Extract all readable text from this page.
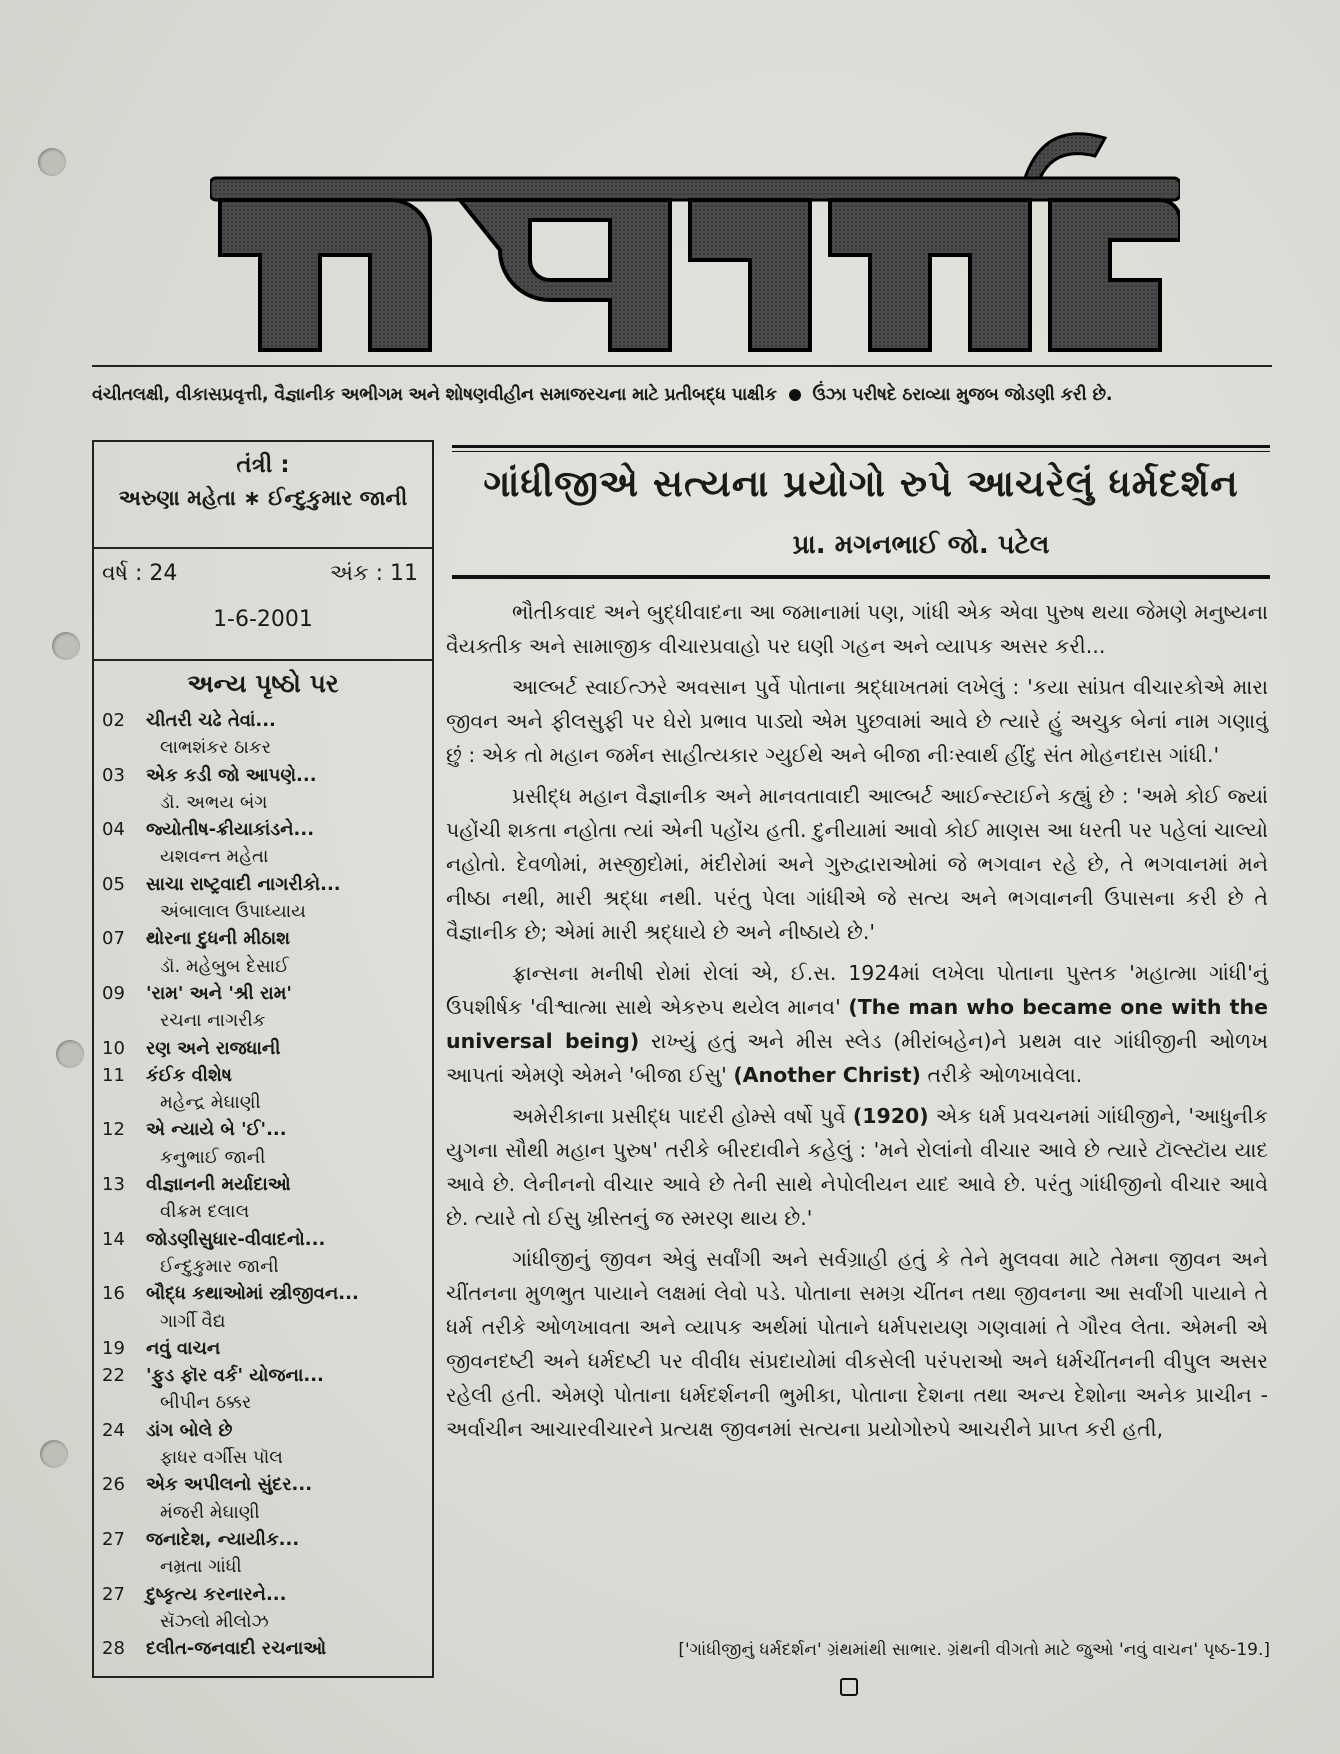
વંચીતલક્ષી, વીકાસપ્રવૃત્તી, વૈજ્ઞાનીક અભીગમ અને શોષણવીહીન સમાજરચના માટે પ્રતીબદ્ધ પાક્ષીક ઉંઝા પરીષદે ઠરાવ્યા મુજબ જોડણી કરી છે.
તંત્રી :
અરુણા મહેતા ∗ ઈન્દુકુમાર જાની
વર્ષ : 24	અંક : 11
1-6-2001
અન્ય પૃષ્ઠો પર
02 ચીતરી ચઢે તેવાં...
લાભશંકર ઠાકર
03 એક કડી જો આપણે...
ડૉ. અભય બંગ
04 જ્યોતીષ-ક્રીયાકાંડને...
યશવન્ત મહેતા
05 સાચા રાષ્ટ્રવાદી નાગરીકો...
અંબાલાલ ઉપાધ્યાય
07 થોરના દુધની મીઠાશ
ડૉ. મહેબુબ દેસાઈ
09 'રામ' અને 'શ્રી રામ'
રચના નાગરીક
10 રણ અને રાજધાની
11 કંઈક વીશેષ
મહેન્દ્ર મેઘાણી
12 એ ન્યાયે બે 'ઈ'...
કનુભાઈ જાની
13 વીજ્ઞાનની મર્યાદાઓ
વીક્રમ દલાલ
14 જોડણીસુધાર-વીવાદનો...
ઈન્દુકુમાર જાની
16 બૌદ્ધ કથાઓમાં સ્ત્રીજીવન...
ગાર્ગી વૈદ્ય
19 નવું વાચન
22 'ફુડ ફૉર વર્ક' યોજના...
બીપીન ઠક્કર
24 ડાંગ બોલે છે
ફાધર વર્ગીસ પૉલ
26 એક અપીલનો સુંદર...
મંજરી મેઘાણી
27 જનાદેશ, ન્યાયીક...
નમ્રતા ગાંધી
27 દુષ્કૃત્ય કરનારને...
સૅઝ્લો મીલોઝ
28 દલીત-જનવાદી રચનાઓ
ગાંધીજીએ સત્યના પ્રયોગો રુપે આચરેલું ધર્મદર્શન
પ્રા. મગનભાઈ જો. પટેલ

ભૌતીકવાદ અને બુદ્ધીવાદના આ જમાનામાં પણ, ગાંધી એક એવા પુરુષ થયા જેમણે મનુષ્યના વૈયક્તીક અને સામાજીક વીચારપ્રવાહો પર ઘણી ગહન અને વ્યાપક અસર કરી...

આલ્બર્ટ સ્વાઈત્ઝરે અવસાન પુર્વે પોતાના શ્રદ્ધાખતમાં લખેલું : 'કયા સાંપ્રત વીચારકોએ મારા જીવન અને ફીલસુફી પર ઘેરો પ્રભાવ પાડ્યો એમ પુછવામાં આવે છે ત્યારે હું અચુક બેનાં નામ ગણાવું છું : એક તો મહાન જર્મન સાહીત્યકાર ગ્યુઈથે અને બીજા નીઃસ્વાર્થ હીંદુ સંત મોહનદાસ ગાંધી.'

પ્રસીદ્ધ મહાન વૈજ્ઞાનીક અને માનવતાવાદી આલ્બર્ટ આઈન્સ્ટાઈને કહ્યું છે : 'અમે કોઈ જ્યાં પહોંચી શકતા નહોતા ત્યાં એની પહોંચ હતી. દુનીયામાં આવો કોઈ માણસ આ ધરતી પર પહેલાં ચાલ્યો નહોતો. દેવળોમાં, મસ્જીદોમાં, મંદીરોમાં અને ગુરુદ્વારાઓમાં જે ભગવાન રહે છે, તે ભગવાનમાં મને નીષ્ઠા નથી, મારી શ્રદ્ધા નથી. પરંતુ પેલા ગાંધીએ જે સત્ય અને ભગવાનની ઉપાસના કરી છે તે વૈજ્ઞાનીક છે; એમાં મારી શ્રદ્ધાયે છે અને નીષ્ઠાયે છે.'

ફ્રાન્સના મનીષી રોમાં રોલાં એ, ઈ.સ. 1924માં લખેલા પોતાના પુસ્તક 'મહાત્મા ગાંધી'નું ઉપશીર્ષક 'વીશ્વાત્મા સાથે એકરુપ થયેલ માનવ' (The man who became one with the universal being) રાખ્યું હતું અને મીસ સ્લેડ (મીરાંબહેન)ને પ્રથમ વાર ગાંધીજીની ઓળખ આપતાં એમણે એમને 'બીજા ઈસુ' (Another Christ) તરીકે ઓળખાવેલા.

અમેરીકાના પ્રસીદ્ધ પાદરી હોમ્સે વર્ષો પુર્વે (1920) એક ધર્મ પ્રવચનમાં ગાંધીજીને, 'આધુનીક યુગના સૌથી મહાન પુરુષ' તરીકે બીરદાવીને કહેલું : 'મને રોલાંનો વીચાર આવે છે ત્યારે ટૉલ્સ્ટૉય યાદ આવે છે. લેનીનનો વીચાર આવે છે તેની સાથે નેપોલીયન યાદ આવે છે. પરંતુ ગાંધીજીનો વીચાર આવે છે. ત્યારે તો ઈસુ ખ્રીસ્તનું જ સ્મરણ થાય છે.'

ગાંધીજીનું જીવન એવું સર્વાંગી અને સર્વગ્રાહી હતું કે તેને મુલવવા માટે તેમના જીવન અને ચીંતનના મુળભુત પાયાને લક્ષમાં લેવો પડે. પોતાના સમગ્ર ચીંતન તથા જીવનના આ સર્વાંગી પાયાને તે ધર્મ તરીકે ઓળખાવતા અને વ્યાપક અર્થમાં પોતાને ધર્મપરાયણ ગણવામાં તે ગૌરવ લેતા. એમની એ જીવનદષ્ટી અને ધર્મદષ્ટી પર વીવીધ સંપ્રદાયોમાં વીકસેલી પરંપરાઓ અને ધર્મચીંતનની વીપુલ અસર રહેલી હતી. એમણે પોતાના ધર્મદર્શનની ભુમીકા, પોતાના દેશના તથા અન્ય દેશોના અનેક પ્રાચીન - અર્વાચીન આચારવીચારને પ્રત્યક્ષ જીવનમાં સત્યના પ્રયોગોરુપે આચરીને પ્રાપ્ત કરી હતી,

['ગાંધીજીનું ધર્મદર્શન' ગ્રંથમાંથી સાભાર. ગ્રંથની વીગતો માટે જુઓ 'નવું વાચન' પૃષ્ઠ-19.]
